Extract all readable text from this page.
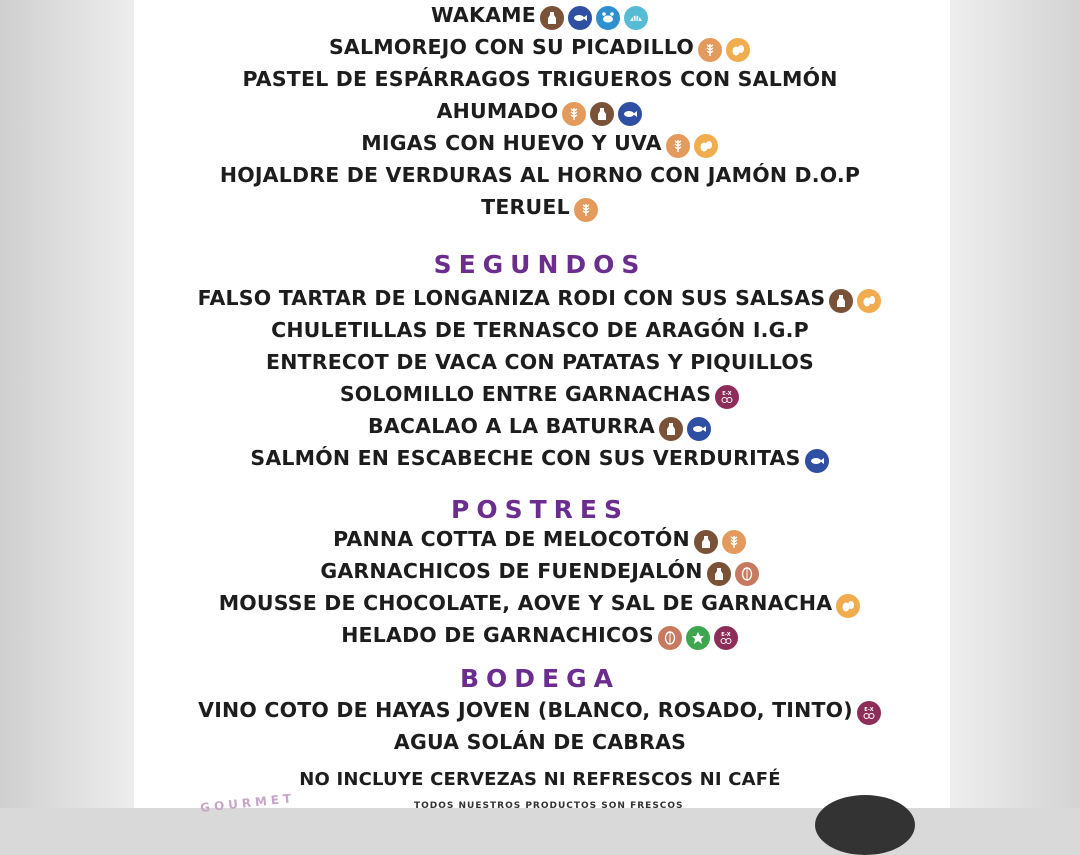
WAKAME
SALMOREJO CON SU PICADILLO
PASTEL DE ESPÁRRAGOS TRIGUEROS CON SALMÓN
AHUMADO
MIGAS CON HUEVO Y UVA
HOJALDRE DE VERDURAS AL HORNO CON JAMÓN D.O.P
TERUEL
SEGUNDOS
FALSO TARTAR DE LONGANIZA RODI CON SUS SALSAS
CHULETILLAS DE TERNASCO DE ARAGÓN I.G.P
ENTRECOT DE VACA CON PATATAS Y PIQUILLOS
SOLOMILLO ENTRE GARNACHAS E-X
BACALAO A LA BATURRA
SALMÓN EN ESCABECHE CON SUS VERDURITAS
POSTRES
PANNA COTTA DE MELOCOTÓN
GARNACHICOS DE FUENDEJALÓN
MOUSSE DE CHOCOLATE, AOVE Y SAL DE GARNACHA
HELADO DE GARNACHICOS	E-X
BODEGA
VINO COTO DE HAYAS JOVEN (BLANCO, ROSADO, TINTO) E-X
AGUA SOLÁN DE CABRAS
NO INCLUYE CERVEZAS NI REFRESCOS NI CAFÉ
GOURMET	TODOS NUESTROS PRODUCTOS SON FRESCOS
